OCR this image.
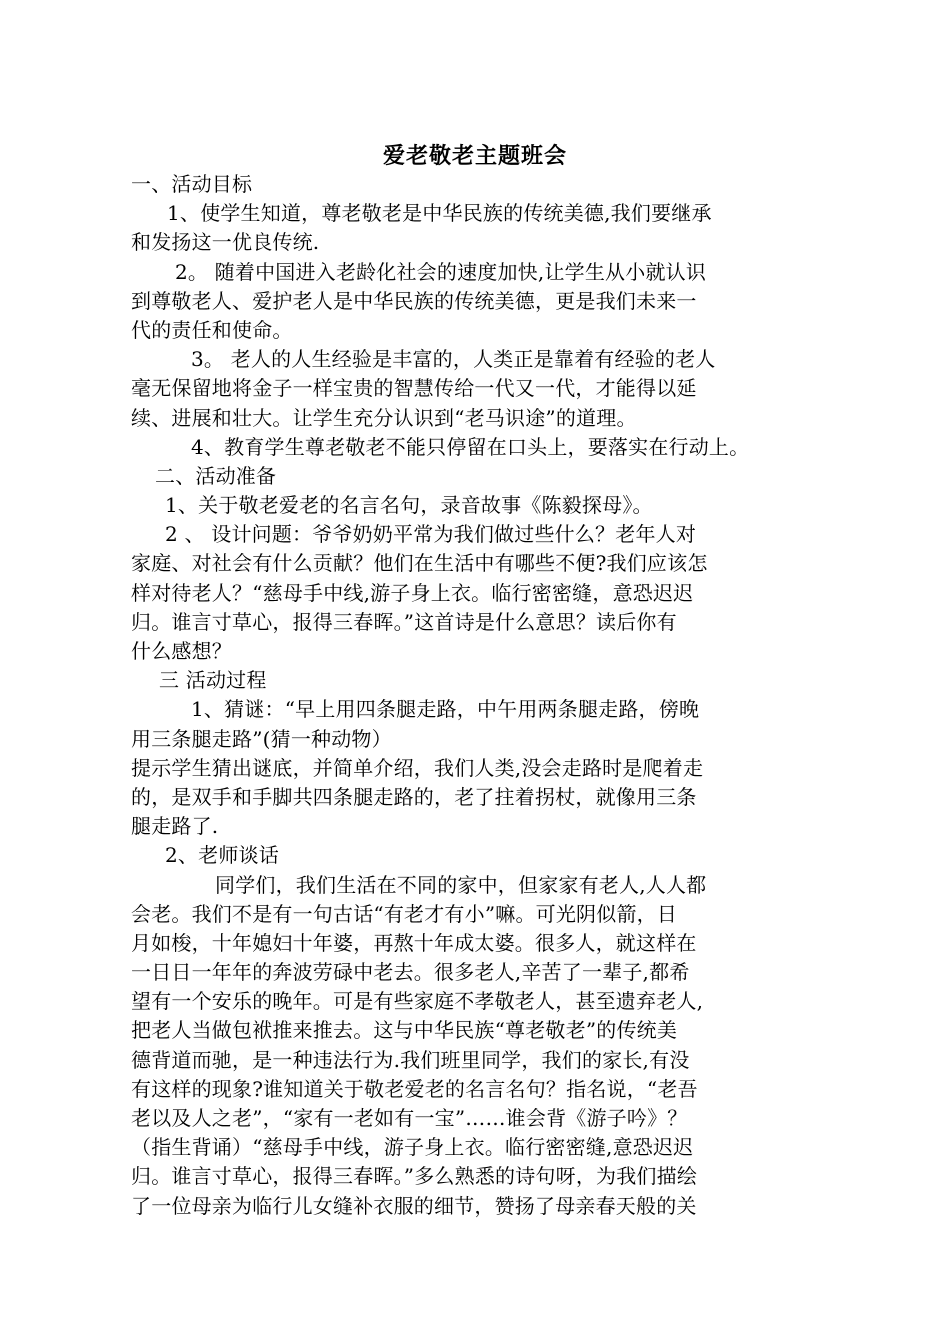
爱老敬老主题班会
一、活动目标
1、使学生知道，尊老敬老是中华民族的传统美德,我们要继承
和发扬这一优良传统.
2。 随着中国进入老龄化社会的速度加快,让学生从小就认识
到尊敬老人、爱护老人是中华民族的传统美德，更是我们未来一
代的责任和使命。
3。 老人的人生经验是丰富的，人类正是靠着有经验的老人
毫无保留地将金子一样宝贵的智慧传给一代又一代，才能得以延
续、进展和壮大。让学生充分认识到“老马识途”的道理。
4、教育学生尊老敬老不能只停留在口头上，要落实在行动上。
二、活动准备
1、关于敬老爱老的名言名句，录音故事《陈毅探母》。
2 、 设计问题：爷爷奶奶平常为我们做过些什么？老年人对
家庭、对社会有什么贡献？他们在生活中有哪些不便?我们应该怎
样对待老人？“慈母手中线,游子身上衣。临行密密缝，意恐迟迟
归。谁言寸草心，报得三春晖。”这首诗是什么意思？读后你有
什么感想？
三 活动过程
1、猜谜：“早上用四条腿走路，中午用两条腿走路，傍晚
用三条腿走路”(猜一种动物）
提示学生猜出谜底，并简单介绍，我们人类,没会走路时是爬着走
的，是双手和手脚共四条腿走路的，老了拄着拐杖，就像用三条
腿走路了.
2、老师谈话
同学们，我们生活在不同的家中，但家家有老人,人人都
会老。我们不是有一句古话“有老才有小”嘛。可光阴似箭，日
月如梭，十年媳妇十年婆，再熬十年成太婆。很多人，就这样在
一日日一年年的奔波劳碌中老去。很多老人,辛苦了一辈子,都希
望有一个安乐的晚年。可是有些家庭不孝敬老人，甚至遗弃老人,
把老人当做包袱推来推去。这与中华民族“尊老敬老”的传统美
德背道而驰，是一种违法行为.我们班里同学，我们的家长,有没
有这样的现象?谁知道关于敬老爱老的名言名句？指名说，“老吾
老以及人之老”，“家有一老如有一宝”……谁会背《游子吟》？
（指生背诵）“慈母手中线，游子身上衣。临行密密缝,意恐迟迟
归。谁言寸草心，报得三春晖。”多么熟悉的诗句呀，为我们描绘
了一位母亲为临行儿女缝补衣服的细节，赞扬了母亲春天般的关
